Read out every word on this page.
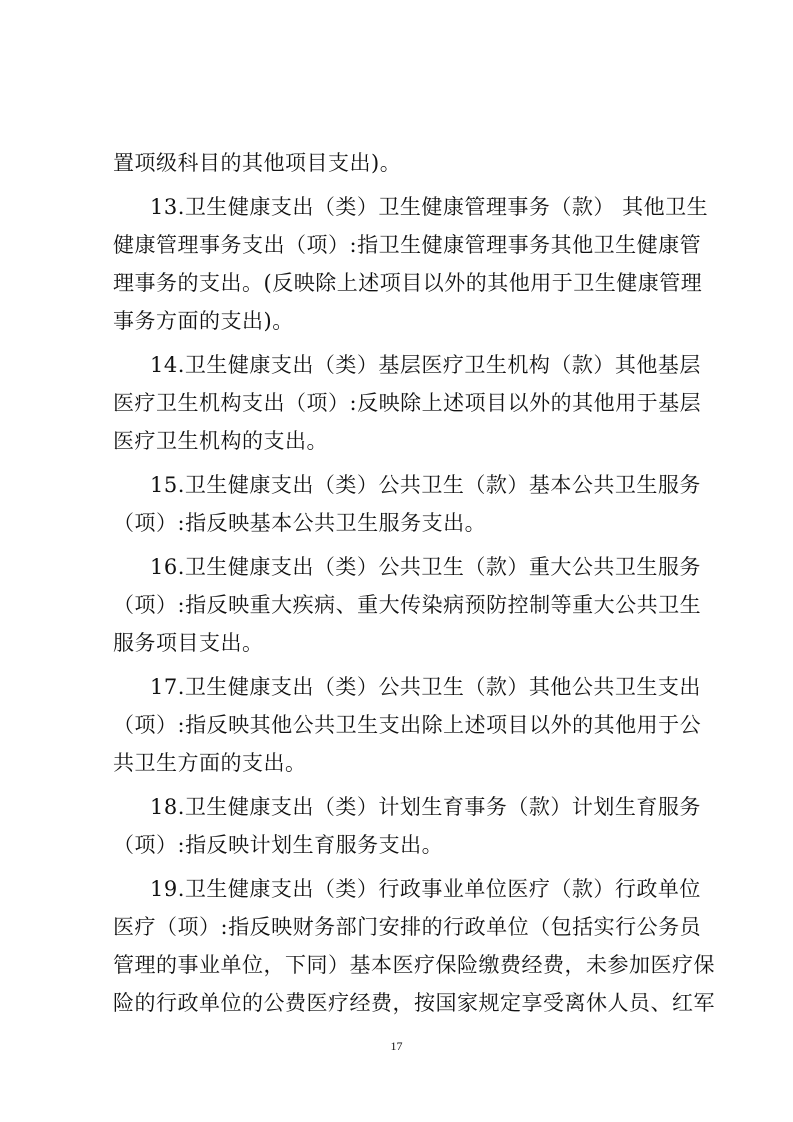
置项级科目的其他项目支出)。
13.卫生健康支出（类）卫生健康管理事务（款） 其他卫生
健康管理事务支出（项）:指卫生健康管理事务其他卫生健康管
理事务的支出。(反映除上述项目以外的其他用于卫生健康管理
事务方面的支出)。
14.卫生健康支出（类）基层医疗卫生机构（款）其他基层
医疗卫生机构支出（项）:反映除上述项目以外的其他用于基层
医疗卫生机构的支出。
15.卫生健康支出（类）公共卫生（款）基本公共卫生服务
（项）:指反映基本公共卫生服务支出。
16.卫生健康支出（类）公共卫生（款）重大公共卫生服务
（项）:指反映重大疾病、重大传染病预防控制等重大公共卫生
服务项目支出。
17.卫生健康支出（类）公共卫生（款）其他公共卫生支出
（项）:指反映其他公共卫生支出除上述项目以外的其他用于公
共卫生方面的支出。
18.卫生健康支出（类）计划生育事务（款）计划生育服务
（项）:指反映计划生育服务支出。
19.卫生健康支出（类）行政事业单位医疗（款）行政单位
医疗（项）:指反映财务部门安排的行政单位（包括实行公务员
管理的事业单位，下同）基本医疗保险缴费经费，未参加医疗保
险的行政单位的公费医疗经费，按国家规定享受离休人员、红军
17
